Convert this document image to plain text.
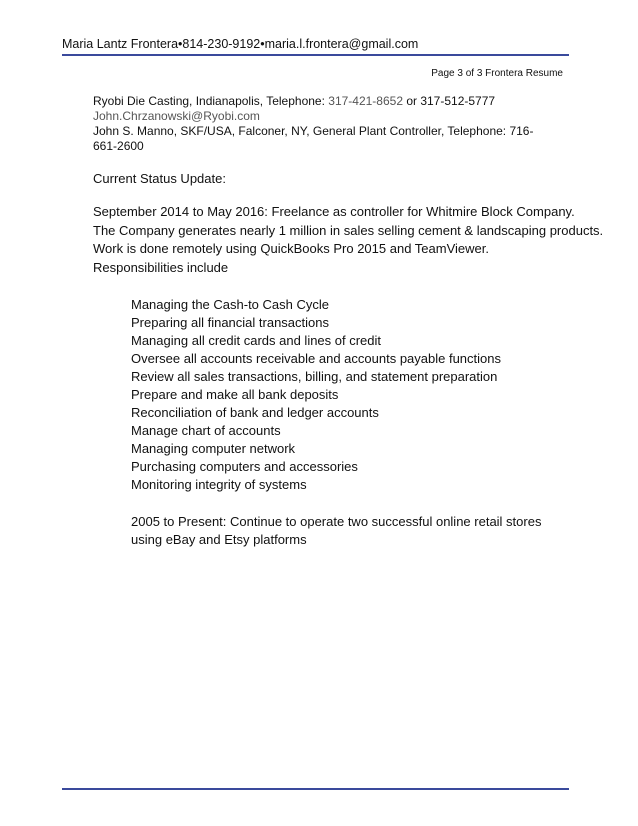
Maria Lantz Frontera•814-230-9192•maria.l.frontera@gmail.com
Page 3 of 3 Frontera Resume
Ryobi Die Casting, Indianapolis, Telephone: 317-421-8652 or 317-512-5777
John.Chrzanowski@Ryobi.com
John S. Manno, SKF/USA, Falconer, NY, General Plant Controller, Telephone: 716-661-2600
Current Status Update:
September 2014 to May 2016: Freelance as controller for Whitmire Block Company.
The Company generates nearly 1 million in sales selling cement & landscaping products.
Work is done remotely using QuickBooks Pro 2015 and TeamViewer.
Responsibilities include
Managing the Cash-to Cash Cycle
Preparing all financial transactions
Managing all credit cards and lines of credit
Oversee all accounts receivable and accounts payable functions
Review all sales transactions, billing, and statement preparation
Prepare and make all bank deposits
Reconciliation of bank and ledger accounts
Manage chart of accounts
Managing computer network
Purchasing computers and accessories
Monitoring integrity of systems
2005 to Present: Continue to operate two successful online retail stores
using eBay and Etsy platforms
